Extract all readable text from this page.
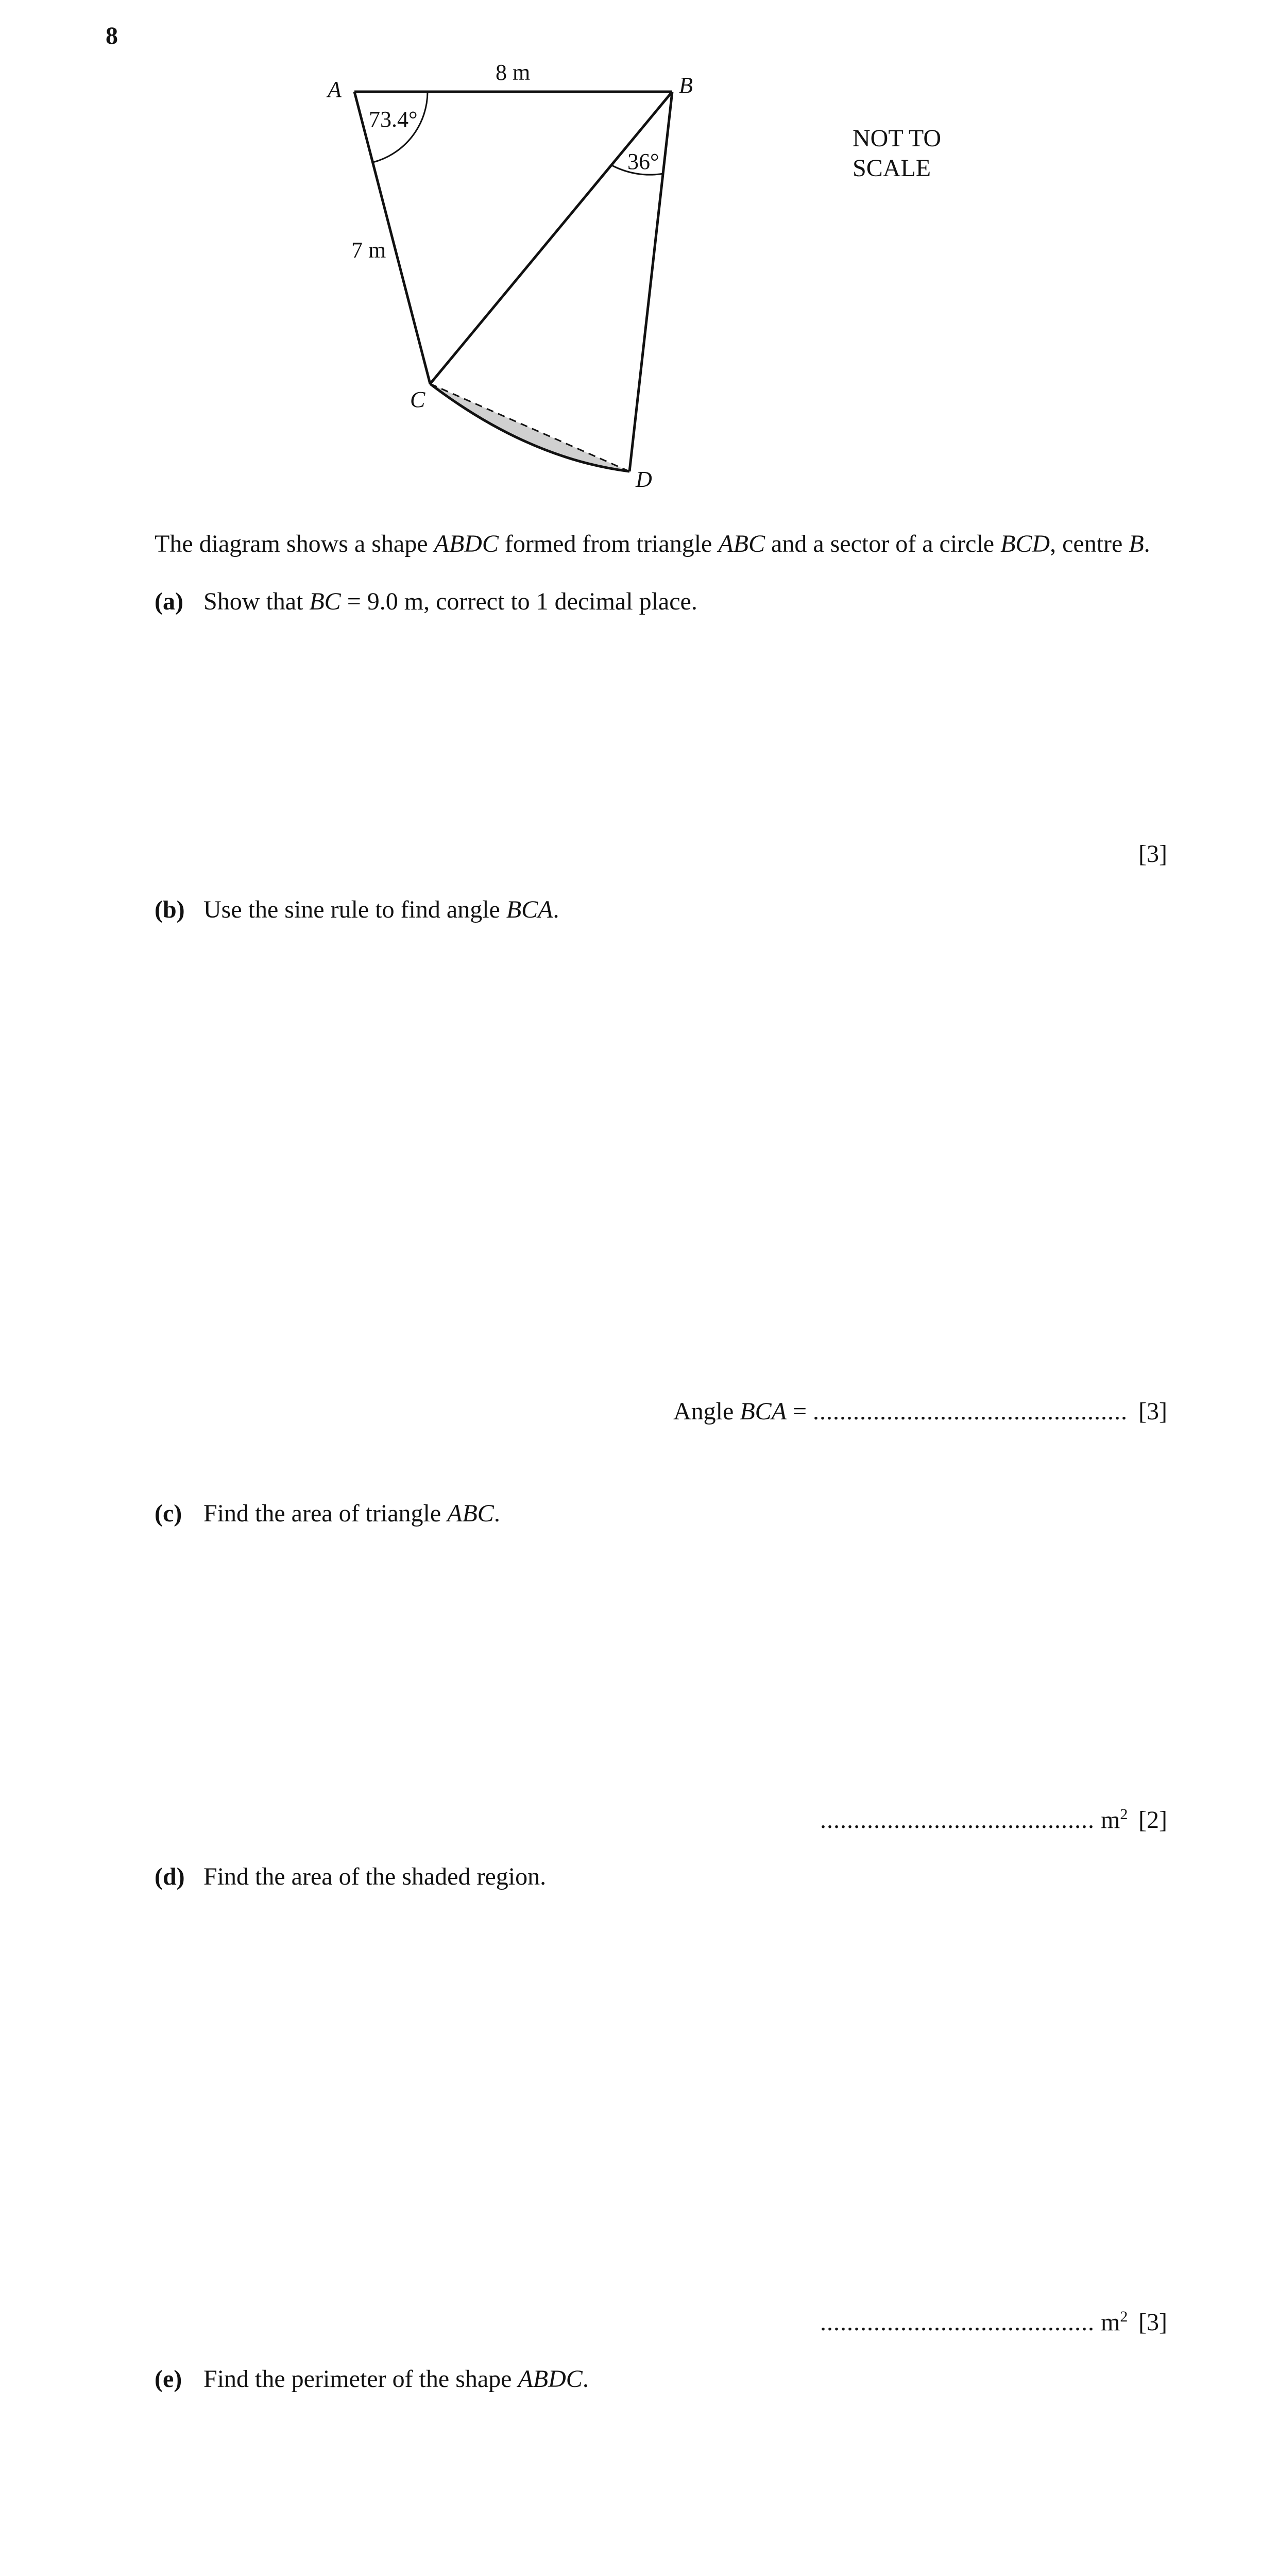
8
A	B
C
D
8 m
7 m
73.4°
36°
NOT TO
SCALE
The diagram shows a shape ABDC formed from triangle ABC and a sector of a circle BCD, centre B.
(a) Show that BC = 9.0 m, correct to 1 decimal place.
[3]
(b) Use the sine rule to find angle BCA.
Angle BCA = ............................................... [3]
(c) Find the area of triangle ABC.
......................................... $m^2$ [2]
(d) Find the area of the shaded region.
......................................... $m^2$ [3]
(e) Find the perimeter of the shape ABDC.
